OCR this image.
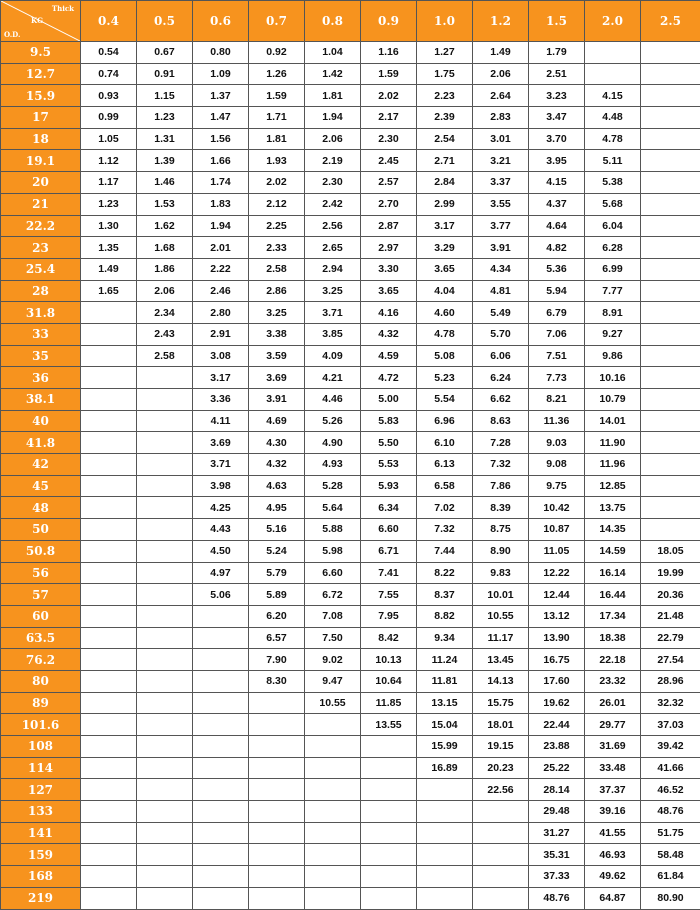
Thick
KG
O.D.	0.4	0.5	0.6	0.7	0.8	0.9	1.0	1.2	1.5	2.0	2.5
9.5	0.54	0.67	0.80	0.92	1.04	1.16	1.27	1.49	1.79		
12.7	0.74	0.91	1.09	1.26	1.42	1.59	1.75	2.06	2.51		
15.9	0.93	1.15	1.37	1.59	1.81	2.02	2.23	2.64	3.23	4.15	
17	0.99	1.23	1.47	1.71	1.94	2.17	2.39	2.83	3.47	4.48	
18	1.05	1.31	1.56	1.81	2.06	2.30	2.54	3.01	3.70	4.78	
19.1	1.12	1.39	1.66	1.93	2.19	2.45	2.71	3.21	3.95	5.11	
20	1.17	1.46	1.74	2.02	2.30	2.57	2.84	3.37	4.15	5.38	
21	1.23	1.53	1.83	2.12	2.42	2.70	2.99	3.55	4.37	5.68	
22.2	1.30	1.62	1.94	2.25	2.56	2.87	3.17	3.77	4.64	6.04	
23	1.35	1.68	2.01	2.33	2.65	2.97	3.29	3.91	4.82	6.28	
25.4	1.49	1.86	2.22	2.58	2.94	3.30	3.65	4.34	5.36	6.99	
28	1.65	2.06	2.46	2.86	3.25	3.65	4.04	4.81	5.94	7.77	
31.8		2.34	2.80	3.25	3.71	4.16	4.60	5.49	6.79	8.91	
33		2.43	2.91	3.38	3.85	4.32	4.78	5.70	7.06	9.27	
35		2.58	3.08	3.59	4.09	4.59	5.08	6.06	7.51	9.86	
36			3.17	3.69	4.21	4.72	5.23	6.24	7.73	10.16	
38.1			3.36	3.91	4.46	5.00	5.54	6.62	8.21	10.79	
40			4.11	4.69	5.26	5.83	6.96	8.63	11.36	14.01	
41.8			3.69	4.30	4.90	5.50	6.10	7.28	9.03	11.90	
42			3.71	4.32	4.93	5.53	6.13	7.32	9.08	11.96	
45			3.98	4.63	5.28	5.93	6.58	7.86	9.75	12.85	
48			4.25	4.95	5.64	6.34	7.02	8.39	10.42	13.75	
50			4.43	5.16	5.88	6.60	7.32	8.75	10.87	14.35	
50.8			4.50	5.24	5.98	6.71	7.44	8.90	11.05	14.59	18.05
56			4.97	5.79	6.60	7.41	8.22	9.83	12.22	16.14	19.99
57			5.06	5.89	6.72	7.55	8.37	10.01	12.44	16.44	20.36
60				6.20	7.08	7.95	8.82	10.55	13.12	17.34	21.48
63.5				6.57	7.50	8.42	9.34	11.17	13.90	18.38	22.79
76.2				7.90	9.02	10.13	11.24	13.45	16.75	22.18	27.54
80				8.30	9.47	10.64	11.81	14.13	17.60	23.32	28.96
89					10.55	11.85	13.15	15.75	19.62	26.01	32.32
101.6						13.55	15.04	18.01	22.44	29.77	37.03
108							15.99	19.15	23.88	31.69	39.42
114							16.89	20.23	25.22	33.48	41.66
127								22.56	28.14	37.37	46.52
133									29.48	39.16	48.76
141									31.27	41.55	51.75
159									35.31	46.93	58.48
168									37.33	49.62	61.84
219									48.76	64.87	80.90
